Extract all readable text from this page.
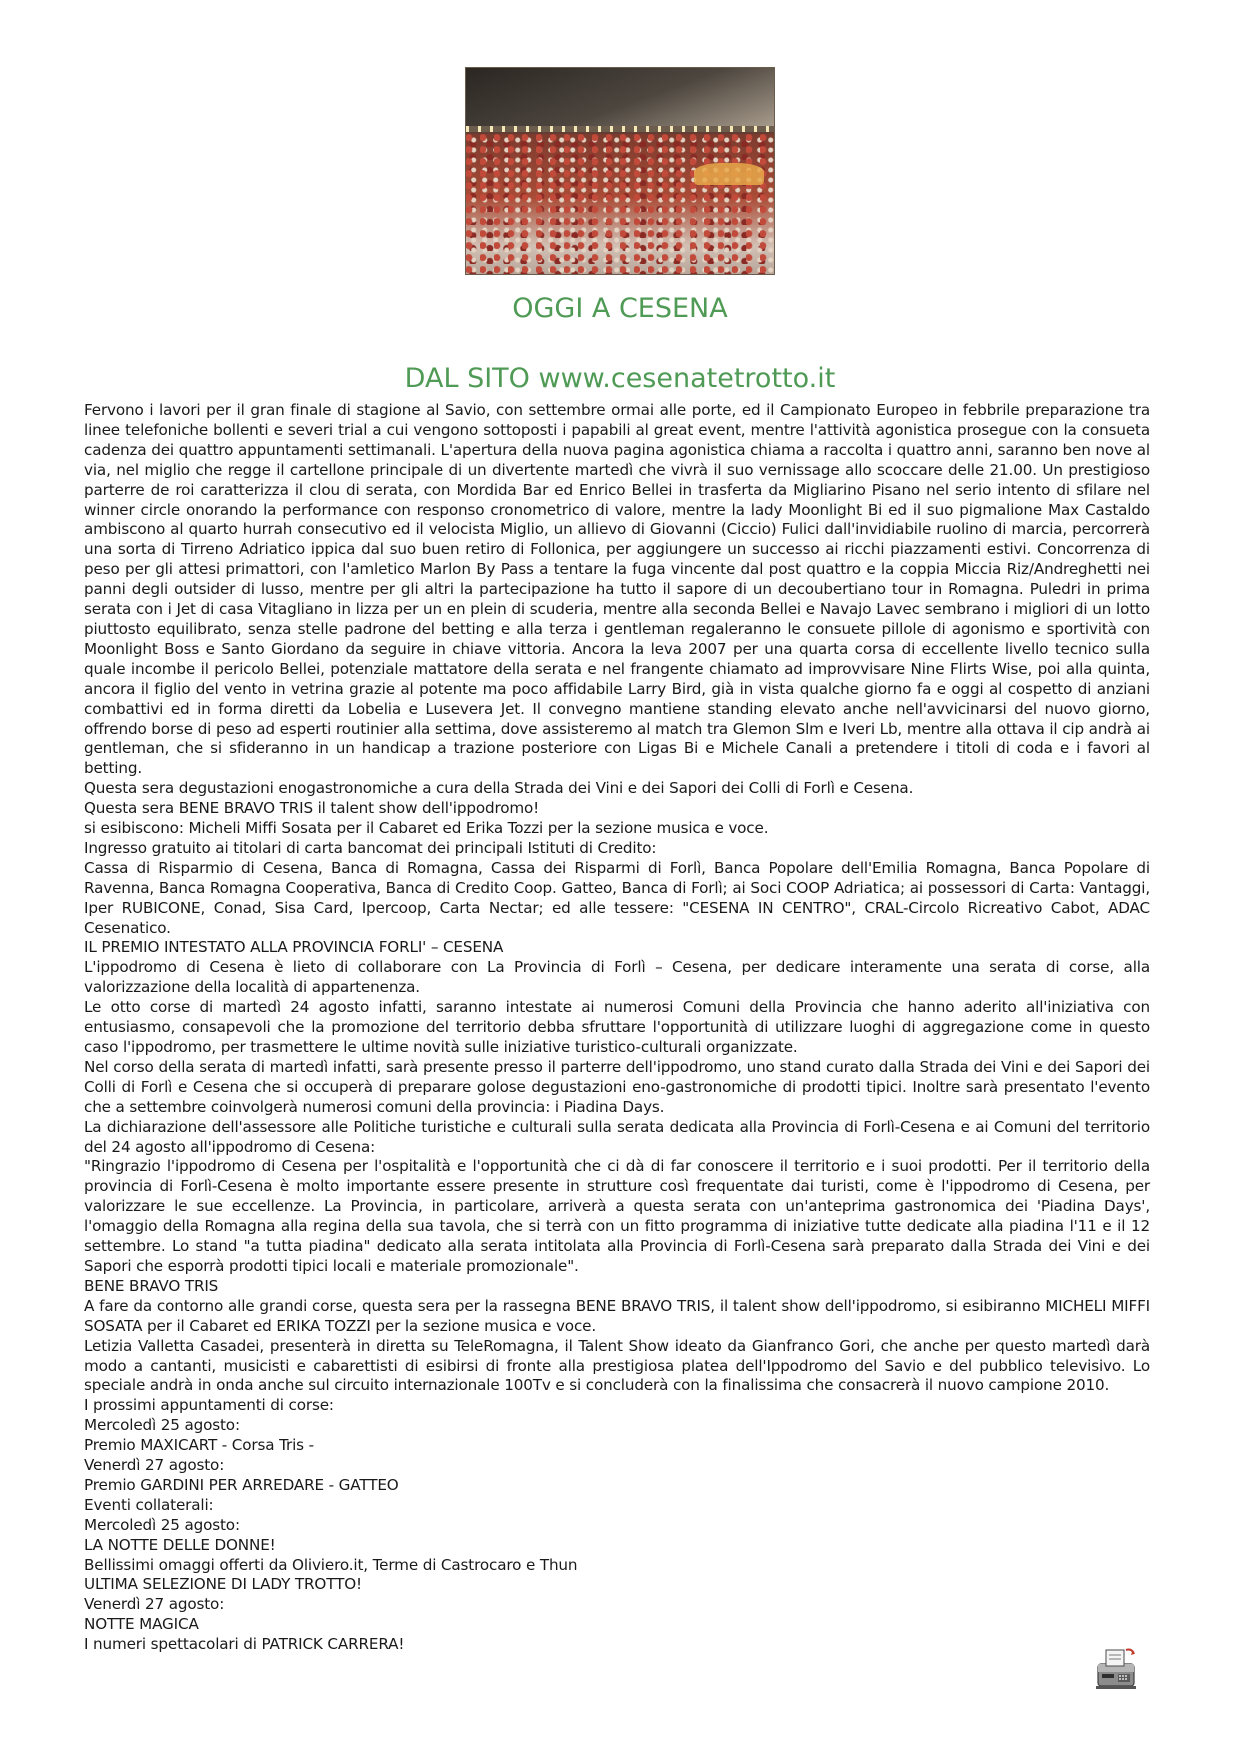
OGGI A CESENA
DAL SITO www.cesenatetrotto.it

Fervono i lavori per il gran finale di stagione al Savio, con settembre ormai alle porte, ed il Campionato Europeo in febbrile preparazione tra linee telefoniche bollenti e severi trial a cui vengono sottoposti i papabili al great event, mentre l'attività agonistica prosegue con la consueta cadenza dei quattro appuntamenti settimanali. L'apertura della nuova pagina agonistica chiama a raccolta i quattro anni, saranno ben nove al via, nel miglio che regge il cartellone principale di un divertente martedì che vivrà il suo vernissage allo scoccare delle 21.00. Un prestigioso parterre de roi caratterizza il clou di serata, con Mordida Bar ed Enrico Bellei in trasferta da Migliarino Pisano nel serio intento di sfilare nel winner circle onorando la performance con responso cronometrico di valore, mentre la lady Moonlight Bi ed il suo pigmalione Max Castaldo ambiscono al quarto hurrah consecutivo ed il velocista Miglio, un allievo di Giovanni (Ciccio) Fulici dall'invidiabile ruolino di marcia, percorrerà una sorta di Tirreno Adriatico ippica dal suo buen retiro di Follonica, per aggiungere un successo ai ricchi piazzamenti estivi. Concorrenza di peso per gli attesi primattori, con l'amletico Marlon By Pass a tentare la fuga vincente dal post quattro e la coppia Miccia Riz/Andreghetti nei panni degli outsider di lusso, mentre per gli altri la partecipazione ha tutto il sapore di un decoubertiano tour in Romagna. Puledri in prima serata con i Jet di casa Vitagliano in lizza per un en plein di scuderia, mentre alla seconda Bellei e Navajo Lavec sembrano i migliori di un lotto piuttosto equilibrato, senza stelle padrone del betting e alla terza i gentleman regaleranno le consuete pillole di agonismo e sportività con Moonlight Boss e Santo Giordano da seguire in chiave vittoria. Ancora la leva 2007 per una quarta corsa di eccellente livello tecnico sulla quale incombe il pericolo Bellei, potenziale mattatore della serata e nel frangente chiamato ad improvvisare Nine Flirts Wise, poi alla quinta, ancora il figlio del vento in vetrina grazie al potente ma poco affidabile Larry Bird, già in vista qualche giorno fa e oggi al cospetto di anziani combattivi ed in forma diretti da Lobelia e Lusevera Jet. Il convegno mantiene standing elevato anche nell'avvicinarsi del nuovo giorno, offrendo borse di peso ad esperti routinier alla settima, dove assisteremo al match tra Glemon Slm e Iveri Lb, mentre alla ottava il cip andrà ai gentleman, che si sfideranno in un handicap a trazione posteriore con Ligas Bi e Michele Canali a pretendere i titoli di coda e i favori al betting.

Questa sera degustazioni enogastronomiche a cura della Strada dei Vini e dei Sapori dei Colli di Forlì e Cesena.

Questa sera BENE BRAVO TRIS il talent show dell'ippodromo!

si esibiscono: Micheli Miffi Sosata per il Cabaret ed Erika Tozzi per la sezione musica e voce.

Ingresso gratuito ai titolari di carta bancomat dei principali Istituti di Credito:

Cassa di Risparmio di Cesena, Banca di Romagna, Cassa dei Risparmi di Forlì, Banca Popolare dell'Emilia Romagna, Banca Popolare di Ravenna, Banca Romagna Cooperativa, Banca di Credito Coop. Gatteo, Banca di Forlì; ai Soci COOP Adriatica; ai possessori di Carta: Vantaggi, Iper RUBICONE, Conad, Sisa Card, Ipercoop, Carta Nectar; ed alle tessere: "CESENA IN CENTRO", CRAL-Circolo Ricreativo Cabot, ADAC Cesenatico.

IL PREMIO INTESTATO ALLA PROVINCIA FORLI' – CESENA

L'ippodromo di Cesena è lieto di collaborare con La Provincia di Forlì – Cesena, per dedicare interamente una serata di corse, alla valorizzazione della località di appartenenza.

Le otto corse di martedì 24 agosto infatti, saranno intestate ai numerosi Comuni della Provincia che hanno aderito all'iniziativa con entusiasmo, consapevoli che la promozione del territorio debba sfruttare l'opportunità di utilizzare luoghi di aggregazione come in questo caso l'ippodromo, per trasmettere le ultime novità sulle iniziative turistico-culturali organizzate.

Nel corso della serata di martedì infatti, sarà presente presso il parterre dell'ippodromo, uno stand curato dalla Strada dei Vini e dei Sapori dei Colli di Forlì e Cesena che si occuperà di preparare golose degustazioni eno-gastronomiche di prodotti tipici. Inoltre sarà presentato l'evento che a settembre coinvolgerà numerosi comuni della provincia: i Piadina Days.

La dichiarazione dell'assessore alle Politiche turistiche e culturali sulla serata dedicata alla Provincia di Forlì-Cesena e ai Comuni del territorio del 24 agosto all'ippodromo di Cesena:

"Ringrazio l'ippodromo di Cesena per l'ospitalità e l'opportunità che ci dà di far conoscere il territorio e i suoi prodotti. Per il territorio della provincia di Forlì-Cesena è molto importante essere presente in strutture così frequentate dai turisti, come è l'ippodromo di Cesena, per valorizzare le sue eccellenze. La Provincia, in particolare, arriverà a questa serata con un'anteprima gastronomica dei 'Piadina Days', l'omaggio della Romagna alla regina della sua tavola, che si terrà con un fitto programma di iniziative tutte dedicate alla piadina l'11 e il 12 settembre. Lo stand "a tutta piadina" dedicato alla serata intitolata alla Provincia di Forlì-Cesena sarà preparato dalla Strada dei Vini e dei Sapori che esporrà prodotti tipici locali e materiale promozionale".

BENE BRAVO TRIS

A fare da contorno alle grandi corse, questa sera per la rassegna BENE BRAVO TRIS, il talent show dell'ippodromo, si esibiranno MICHELI MIFFI SOSATA per il Cabaret ed ERIKA TOZZI per la sezione musica e voce.

Letizia Valletta Casadei, presenterà in diretta su TeleRomagna, il Talent Show ideato da Gianfranco Gori, che anche per questo martedì darà modo a cantanti, musicisti e cabarettisti di esibirsi di fronte alla prestigiosa platea dell'Ippodromo del Savio e del pubblico televisivo. Lo speciale andrà in onda anche sul circuito internazionale 100Tv e si concluderà con la finalissima che consacrerà il nuovo campione 2010.

I prossimi appuntamenti di corse:

Mercoledì 25 agosto:

Premio MAXICART - Corsa Tris -

Venerdì 27 agosto:

Premio GARDINI PER ARREDARE - GATTEO

Eventi collaterali:

Mercoledì 25 agosto:

LA NOTTE DELLE DONNE!

Bellissimi omaggi offerti da Oliviero.it, Terme di Castrocaro e Thun

ULTIMA SELEZIONE DI LADY TROTTO!

Venerdì 27 agosto:

NOTTE MAGICA

I numeri spettacolari di PATRICK CARRERA!
